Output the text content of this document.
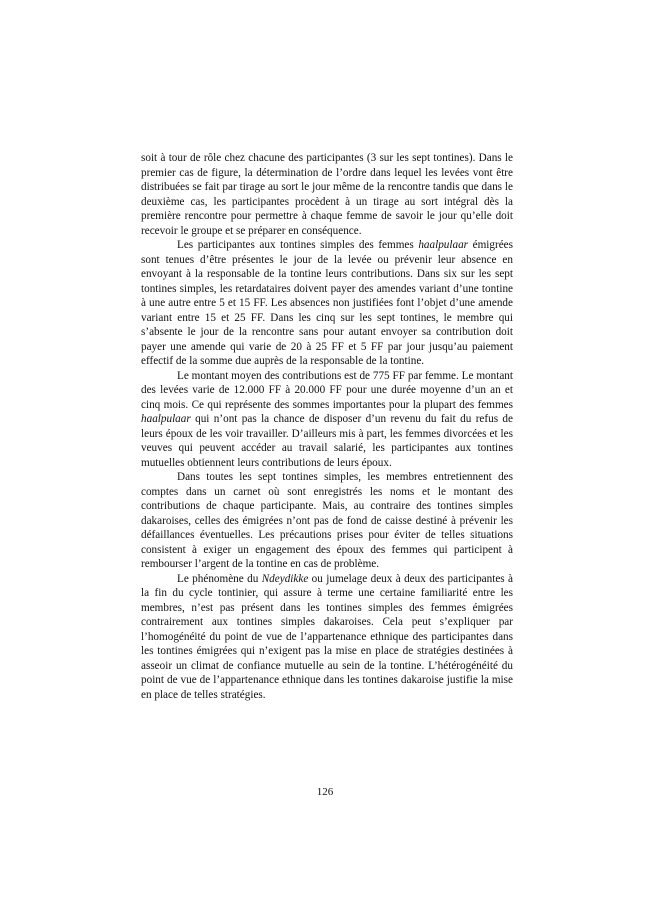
soit à tour de rôle chez chacune des participantes (3 sur les sept tontines). Dans le premier cas de figure, la détermination de l’ordre dans lequel les levées vont être distribuées se fait par tirage au sort le jour même de la rencontre tandis que dans le deuxième cas, les participantes procèdent à un tirage au sort intégral dès la première rencontre pour permettre à chaque femme de savoir le jour qu’elle doit recevoir le groupe et se préparer en conséquence.

Les participantes aux tontines simples des femmes haalpulaar émigrées sont tenues d’être présentes le jour de la levée ou prévenir leur absence en envoyant à la responsable de la tontine leurs contributions. Dans six sur les sept tontines simples, les retardataires doivent payer des amendes variant d’une tontine à une autre entre 5 et 15 FF. Les absences non justifiées font l’objet d’une amende variant entre 15 et 25 FF. Dans les cinq sur les sept tontines, le membre qui s’absente le jour de la rencontre sans pour autant envoyer sa contribution doit payer une amende qui varie de 20 à 25 FF et 5 FF par jour jusqu’au paiement effectif de la somme due auprès de la responsable de la tontine.

Le montant moyen des contributions est de 775 FF par femme. Le montant des levées varie de 12.000 FF à 20.000 FF pour une durée moyenne d’un an et cinq mois. Ce qui représente des sommes importantes pour la plupart des femmes haalpulaar qui n’ont pas la chance de disposer d’un revenu du fait du refus de leurs époux de les voir travailler. D’ailleurs mis à part, les femmes divorcées et les veuves qui peuvent accéder au travail salarié, les participantes aux tontines mutuelles obtiennent leurs contributions de leurs époux.

Dans toutes les sept tontines simples, les membres entretiennent des comptes dans un carnet où sont enregistrés les noms et le montant des contributions de chaque participante. Mais, au contraire des tontines simples dakaroises, celles des émigrées n’ont pas de fond de caisse destiné à prévenir les défaillances éventuelles. Les précautions prises pour éviter de telles situations consistent à exiger un engagement des époux des femmes qui participent à rembourser l’argent de la tontine en cas de problème.

Le phénomène du Ndeydikke ou jumelage deux à deux des participantes à la fin du cycle tontinier, qui assure à terme une certaine familiarité entre les membres, n’est pas présent dans les tontines simples des femmes émigrées contrairement aux tontines simples dakaroises. Cela peut s’expliquer par l’homogénéité du point de vue de l’appartenance ethnique des participantes dans les tontines émigrées qui n’exigent pas la mise en place de stratégies destinées à asseoir un climat de confiance mutuelle au sein de la tontine. L’hétérogénéité du point de vue de l’appartenance ethnique dans les tontines dakaroise justifie la mise en place de telles stratégies.

126
